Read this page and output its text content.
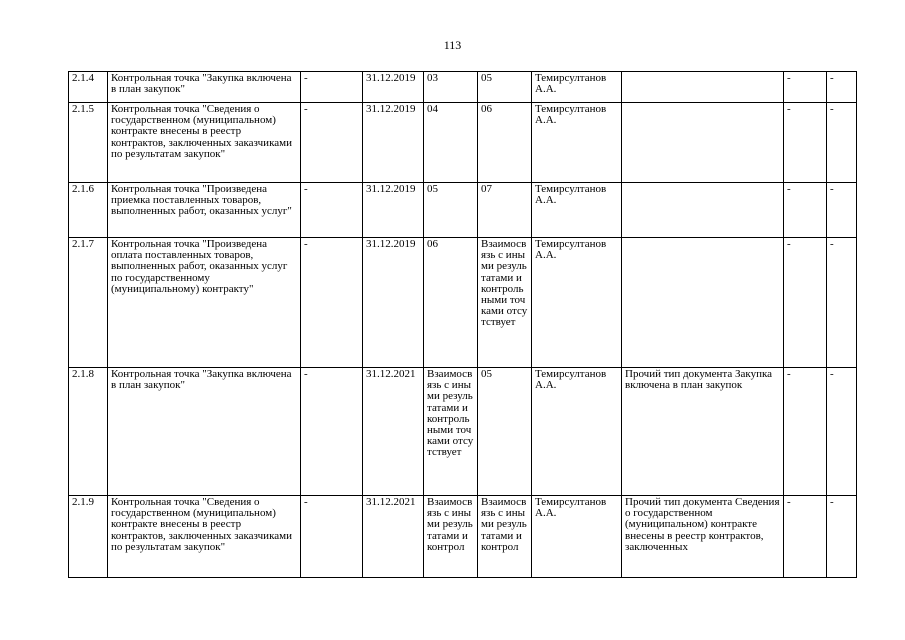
113
2.1.4	Контрольная точка "Закупка включена в план закупок"	-	31.12.2019	03	05	Темирсултанов А.А.		-	-
2.1.5	Контрольная точка "Сведения о государственном (муниципальном) контракте внесены в реестр контрактов, заключенных заказчиками по результатам закупок"	-	31.12.2019	04	06	Темирсултанов А.А.		-	-
2.1.6	Контрольная точка "Произведена приемка поставленных товаров, выполненных работ, оказанных услуг"	-	31.12.2019	05	07	Темирсултанов А.А.		-	-
2.1.7	Контрольная точка "Произведена оплата поставленных товаров, выполненных работ, оказанных услуг по государственному (муниципальному) контракту"	-	31.12.2019	06	Взаимосвязь с иными результатами и контрольными точками отсутствует	Темирсултанов А.А.		-	-
2.1.8	Контрольная точка "Закупка включена в план закупок"	-	31.12.2021	Взаимосвязь с иными результатами и контрольными точками отсутствует	05	Темирсултанов А.А.	Прочий тип документа Закупка включена в план закупок	-	-

2.1.9	Контрольная точка "Сведения о государственном (муниципальном) контракте внесены в реестр контрактов, заключенных заказчиками по результатам закупок"	-	31.12.2021	Взаимосвязь с иными результатами и контрол	Взаимосвязь с иными результатами и контрол	Темирсултанов А.А.	Прочий тип документа Сведения о государственном (муниципальном) контракте внесены в реестр контрактов, заключенных	-	-
